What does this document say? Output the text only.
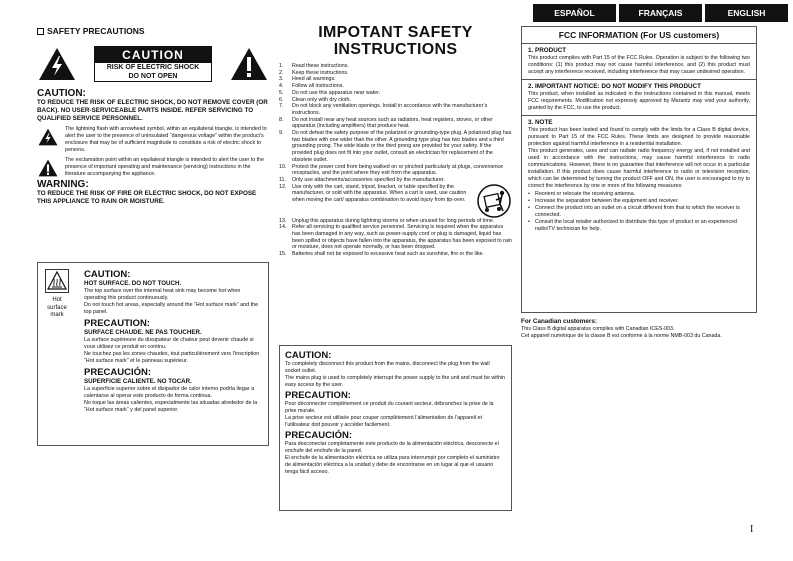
ESPAÑOL	FRANÇAIS	ENGLISH
SAFETY PRECAUTIONS
CAUTION
RISK OF ELECTRIC SHOCK
DO NOT OPEN
CAUTION:
TO REDUCE THE RISK OF ELECTRIC SHOCK, DO NOT REMOVE COVER (OR BACK). NO USER-SERVICEABLE PARTS INSIDE. REFER SERVICING TO QUALIFIED SERVICE PERSONNEL.
The lightning flash with arrowhead symbol, within an equilateral triangle, is intended to alert the user to the presence of uninsulated “dangerous voltage” within the product’s enclosure that may be of sufficient magnitude to constitute a risk of electric shock to persons.
The exclamation point within an equilateral triangle is intended to alert the user to the presence of important operating and maintenance (servicing) instructions in the literature accompanying the appliance.
WARNING:
TO REDUCE THE RISK OF FIRE OR ELECTRIC SHOCK, DO NOT EXPOSE THIS APPLIANCE TO RAIN OR MOISTURE.
Hot surface mark
CAUTION:
HOT SURFACE. DO NOT TOUCH.
The top surface over the internal heat sink may become hot when operating this product continuously.
Do not touch hot areas, especially around the “Hot surface mark” and the top panel.
PRECAUTION:
SURFACE CHAUDE. NE PAS TOUCHER.
La surface supérieure du dissipateur de chaleur peut devenir chaude si vous utilisez ce produit en continu.
Ne touchez pas les zones chaudes, tout particulièrement vers l’inscription “Hot surface mark” et le panneau supérieur.
PRECAUCIÓN:
SUPERFICIE CALIENTE. NO TOCAR.
La superficie superior sobre el disipador de calor interno podría llegar a calentarse al operar este producto de forma continua.
No toque las áreas calientes, especialmente las situadas alrededor de la “Hot surface mark” y del panel superior.
IMPOTANT SAFETY
INSTRUCTIONS
1.	Read these instructions.
2.	Keep these instructions.
3.	Heed all warnings.
4.	Follow all instructions.
5.	Do not use this apparatus near water.
6.	Clean only with dry cloth.
7.	Do not block any ventilation openings. Install in accordance with the manufacturer’s instructions.
8.	Do not install near any heat sources such as radiators, heat registers, stoves, or other apparatus (including amplifiers) that produce heat.
9.	Do not defeat the safety purpose of the polarized or grounding-type plug. A polarized plug has two blades with one wider than the other. A grounding type plug has two blades and a third grounding prong. The wide blade or the third prong are provided for your safety. If the provided plug does not fit into your outlet, consult an electrician for replacement of the obsolete outlet.
10.	Protect the power cord from being walked on or pinched particularly at plugs, convenience receptacles, and the point where they exit from the apparatus.
11.	Only use attachments/accessories specified by the manufacturer.
12.	Use only with the cart, stand, tripod, bracket, or table specified by the manufacturer, or sold with the apparatus. When a cart is used, use caution when moving the cart/ apparatus combination to avoid injury from tip-over.
13.	Unplug this apparatus during lightning storms or when unused for long periods of time.
14.	Refer all servicing to qualified service personnel. Servicing is required when the apparatus has been damaged in any way, such as power-supply cord or plug is damaged, liquid has been spilled or objects have fallen into the apparatus, the apparatus has been exposed to rain or moisture, does not operate normally, or has been dropped.
15.	Batteries shall not be exposed to excessive heat such as sunshine, fire or the like.
CAUTION:
To completely disconnect this product from the mains, disconnect the plug from the wall socket outlet.
The mains plug is used to completely interrupt the power supply to the unit and must be within easy access by the user.
PRECAUTION:
Pour déconnecter complètement ce produit du courant secteur, débranchez la prise de la prise murale.
La prise secteur est utilisée pour couper complètement l’alimentation de l’appareil et l’utilisateur doit pouvoir y accéder facilement.
PRECAUCIÓN:
Para desconectar completamente este producto de la alimentación eléctrica, desconecte el enchufe del enchufe de la pared.
El enchufe de la alimentación eléctrica se utiliza para interrumpir por completo el suministro de alimentación eléctrica a la unidad y debe de encontrarse en un lugar al que el usuario tenga fácil acceso.
FCC INFORMATION (For US customers)
1. PRODUCT
This product complies with Part 15 of the FCC Rules. Operation is subject to the following two conditions: (1) this product may not cause harmful interference, and (2) this product must accept any interference received, including interference that may cause undesired operation.
2. IMPORTANT NOTICE: DO NOT MODIFY THIS PRODUCT
This product, when installed as indicated in the instructions contained in this manual, meets FCC requirements. Modification not expressly approved by Marantz may void your authority, granted by the FCC, to use the product.
3. NOTE
This product has been tested and found to comply with the limits for a Class B digital device, pursuant to Part 15 of the FCC Rules. These limits are designed to provide reasonable protection against harmful interference in a residential installation.
This product generates, uses and can radiate radio frequency energy and, if not installed and used in accordance with the instructions, may cause harmful interference to radio communications. However, there is no guarantee that interference will not occur in a particular installation. If this product does cause harmful interference to radio or television reception, which can be determined by turning the product OFF and ON, the user is encouraged to try to correct the interference by one or more of the following measures:
• Reorient or relocate the receiving antenna.
• Increase the separation between the equipment and receiver.
• Connect the product into an outlet on a circuit different from that to which the receiver is connected.
• Consult the local retailer authorized to distribute this type of product or an experienced radio/TV technician for help.
For Canadian customers:
This Class B digital apparatus complies with Canadian ICES-003.
Cet appareil numérique de la classe B est conforme à la norme NMB-003 du Canada.
I
